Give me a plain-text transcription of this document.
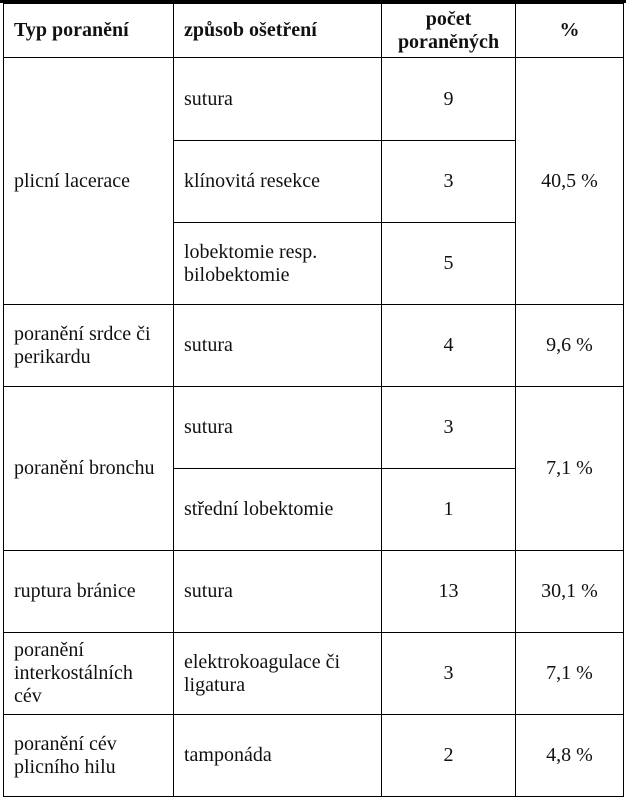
Typ poranění	způsob ošetření	počet poraněných	%
plicní lacerace	sutura	9	40,5 %
	klínovitá resekce	3	
	lobektomie resp. bilobektomie	5	
poranění srdce či perikardu	sutura	4	9,6 %
poranění bronchu	sutura	3	7,1 %
	střední lobektomie	1	
ruptura bránice	sutura	13	30,1 %
poranění interkostálních cév	elektrokoagulace či ligatura	3	7,1 %
poranění cév plicního hilu	tamponáda	2	4,8 %
